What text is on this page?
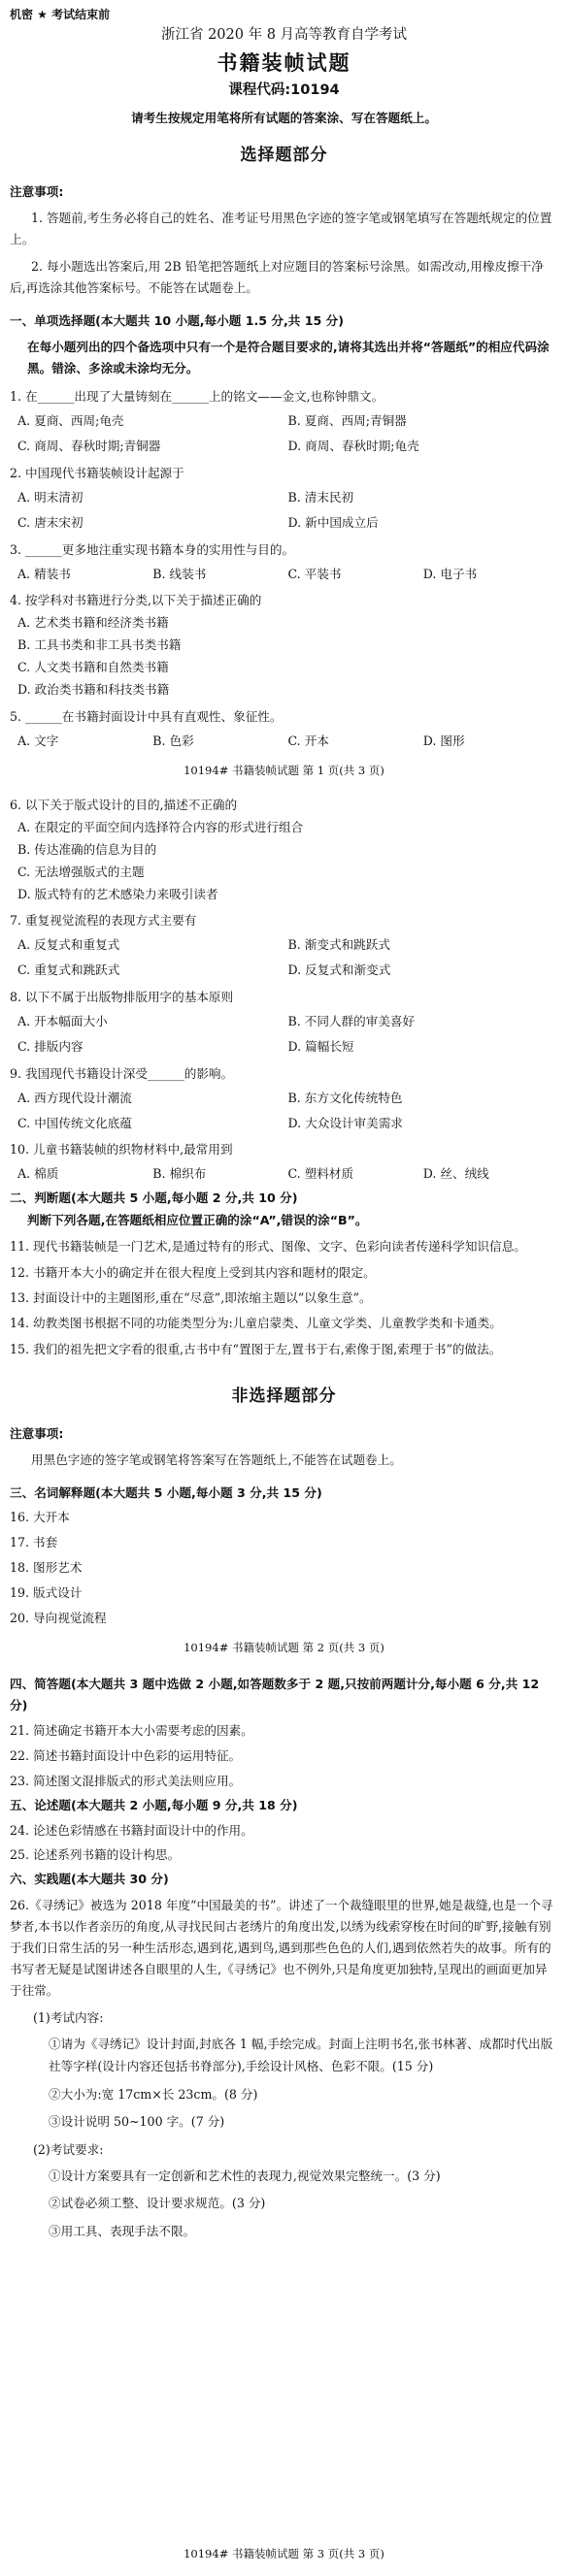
机密 ★ 考试结束前
浙江省 2020 年 8 月高等教育自学考试
书籍装帧试题
课程代码:10194
请考生按规定用笔将所有试题的答案涂、写在答题纸上。
选择题部分
注意事项:
1. 答题前,考生务必将自己的姓名、准考证号用黑色字迹的签字笔或钢笔填写在答题纸规定的位置上。
2. 每小题选出答案后,用 2B 铅笔把答题纸上对应题目的答案标号涂黑。如需改动,用橡皮擦干净后,再选涂其他答案标号。不能答在试题卷上。
一、单项选择题(本大题共 10 小题,每小题 1.5 分,共 15 分)
在每小题列出的四个备选项中只有一个是符合题目要求的,请将其选出并将“答题纸”的相应代码涂黑。错涂、多涂或未涂均无分。
1. 在______出现了大量铸刻在______上的铭文——金文,也称钟鼎文。
A. 夏商、西周;龟壳	B. 夏商、西周;青铜器
C. 商周、春秋时期;青铜器	D. 商周、春秋时期;龟壳
2. 中国现代书籍装帧设计起源于
A. 明末清初	B. 清末民初
C. 唐末宋初	D. 新中国成立后
3. ______更多地注重实现书籍本身的实用性与目的。
A. 精装书	B. 线装书	C. 平装书	D. 电子书
4. 按学科对书籍进行分类,以下关于描述正确的
A. 艺术类书籍和经济类书籍
B. 工具书类和非工具书类书籍
C. 人文类书籍和自然类书籍
D. 政治类书籍和科技类书籍
5. ______在书籍封面设计中具有直观性、象征性。
A. 文字	B. 色彩	C. 开本	D. 图形
10194# 书籍装帧试题 第 1 页(共 3 页)
6. 以下关于版式设计的目的,描述不正确的
A. 在限定的平面空间内选择符合内容的形式进行组合
B. 传达准确的信息为目的
C. 无法增强版式的主题
D. 版式特有的艺术感染力来吸引读者
7. 重复视觉流程的表现方式主要有
A. 反复式和重复式	B. 渐变式和跳跃式
C. 重复式和跳跃式	D. 反复式和渐变式
8. 以下不属于出版物排版用字的基本原则
A. 开本幅面大小	B. 不同人群的审美喜好
C. 排版内容	D. 篇幅长短
9. 我国现代书籍设计深受______的影响。
A. 西方现代设计潮流	B. 东方文化传统特色
C. 中国传统文化底蕴	D. 大众设计审美需求
10. 儿童书籍装帧的织物材料中,最常用到
A. 棉质	B. 棉织布	C. 塑料材质	D. 丝、绒线
二、判断题(本大题共 5 小题,每小题 2 分,共 10 分)
判断下列各题,在答题纸相应位置正确的涂“A”,错误的涂“B”。
11. 现代书籍装帧是一门艺术,是通过特有的形式、图像、文字、色彩向读者传递科学知识信息。
12. 书籍开本大小的确定并在很大程度上受到其内容和题材的限定。
13. 封面设计中的主题图形,重在“尽意”,即浓缩主题以“以象生意”。
14. 幼教类图书根据不同的功能类型分为:儿童启蒙类、儿童文学类、儿童教学类和卡通类。
15. 我们的祖先把文字看的很重,古书中有“置图于左,置书于右,索像于图,索理于书”的做法。
非选择题部分
注意事项:
用黑色字迹的签字笔或钢笔将答案写在答题纸上,不能答在试题卷上。
三、名词解释题(本大题共 5 小题,每小题 3 分,共 15 分)
16. 大开本
17. 书套
18. 图形艺术
19. 版式设计
20. 导向视觉流程
10194# 书籍装帧试题 第 2 页(共 3 页)
四、简答题(本大题共 3 题中选做 2 小题,如答题数多于 2 题,只按前两题计分,每小题 6 分,共 12 分)
21. 简述确定书籍开本大小需要考虑的因素。
22. 简述书籍封面设计中色彩的运用特征。
23. 简述图文混排版式的形式美法则应用。
五、论述题(本大题共 2 小题,每小题 9 分,共 18 分)
24. 论述色彩情感在书籍封面设计中的作用。
25. 论述系列书籍的设计构思。
六、实践题(本大题共 30 分)
26.《寻绣记》被选为 2018 年度“中国最美的书”。讲述了一个裁缝眼里的世界,她是裁缝,也是一个寻梦者,本书以作者亲历的角度,从寻找民间古老绣片的角度出发,以绣为线索穿梭在时间的旷野,接触有别于我们日常生活的另一种生活形态,遇到花,遇到鸟,遇到那些色色的人们,遇到依然若失的故事。所有的书写者无疑是试图讲述各自眼里的人生,《寻绣记》也不例外,只是角度更加独特,呈现出的画面更加异于往常。
(1)考试内容:
①请为《寻绣记》设计封面,封底各 1 幅,手绘完成。封面上注明书名,张书林著、成都时代出版社等字样(设计内容还包括书脊部分),手绘设计风格、色彩不限。(15 分)
②大小为:宽 17cm×长 23cm。(8 分)
③设计说明 50~100 字。(7 分)
(2)考试要求:
①设计方案要具有一定创新和艺术性的表现力,视觉效果完整统一。(3 分)
②试卷必须工整、设计要求规范。(3 分)
③用工具、表现手法不限。
10194# 书籍装帧试题 第 3 页(共 3 页)
